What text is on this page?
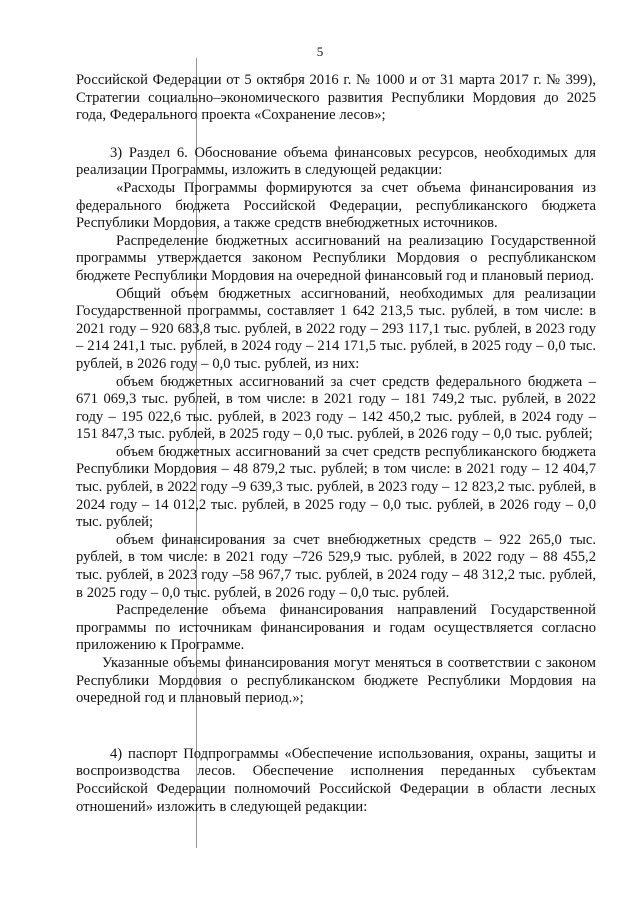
5

Российской Федерации от 5 октября 2016 г. № 1000 и от 31 марта 2017 г. № 399), Стратегии социально–экономического развития Республики Мордовия до 2025 года, Федерального проекта «Сохранение лесов»;

3) Раздел 6. Обоснование объема финансовых ресурсов, необходимых для реализации Программы, изложить в следующей редакции:

«Расходы Программы формируются за счет объема финансирования из федерального бюджета Российской Федерации, республиканского бюджета Республики Мордовия, а также средств внебюджетных источников.

Распределение бюджетных ассигнований на реализацию Государственной программы утверждается законом Республики Мордовия о республиканском бюджете Республики Мордовия на очередной финансовый год и плановый период.

Общий объем бюджетных ассигнований, необходимых для реализации Государственной программы, составляет 1 642 213,5 тыс. рублей, в том числе: в 2021 году – 920 683,8 тыс. рублей, в 2022 году – 293 117,1 тыс. рублей, в 2023 году – 214 241,1 тыс. рублей, в 2024 году – 214 171,5 тыс. рублей, в 2025 году – 0,0 тыс. рублей, в 2026 году – 0,0 тыс. рублей, из них:

объем бюджетных ассигнований за счет средств федерального бюджета – 671 069,3 тыс. рублей, в том числе: в 2021 году – 181 749,2 тыс. рублей, в 2022 году – 195 022,6 тыс. рублей, в 2023 году – 142 450,2 тыс. рублей, в 2024 году – 151 847,3 тыс. рублей, в 2025 году – 0,0 тыс. рублей, в 2026 году – 0,0 тыс. рублей;

объем бюджетных ассигнований за счет средств республиканского бюджета Республики Мордовия – 48 879,2 тыс. рублей; в том числе: в 2021 году – 12 404,7 тыс. рублей, в 2022 году –9 639,3 тыс. рублей, в 2023 году – 12 823,2 тыс. рублей, в 2024 году – 14 012,2 тыс. рублей, в 2025 году – 0,0 тыс. рублей, в 2026 году – 0,0 тыс. рублей;

объем финансирования за счет внебюджетных средств – 922 265,0 тыс. рублей, в том числе: в 2021 году –726 529,9 тыс. рублей, в 2022 году – 88 455,2 тыс. рублей, в 2023 году –58 967,7 тыс. рублей, в 2024 году – 48 312,2 тыс. рублей, в 2025 году – 0,0 тыс. рублей, в 2026 году – 0,0 тыс. рублей.

Распределение объема финансирования направлений Государственной программы по источникам финансирования и годам осуществляется согласно приложению к Программе.

Указанные объемы финансирования могут меняться в соответствии с законом Республики Мордовия о республиканском бюджете Республики Мордовия на очередной год и плановый период.»;

4) паспорт Подпрограммы «Обеспечение использования, охраны, защиты и воспроизводства лесов. Обеспечение исполнения переданных субъектам Российской Федерации полномочий Российской Федерации в области лесных отношений» изложить в следующей редакции:
